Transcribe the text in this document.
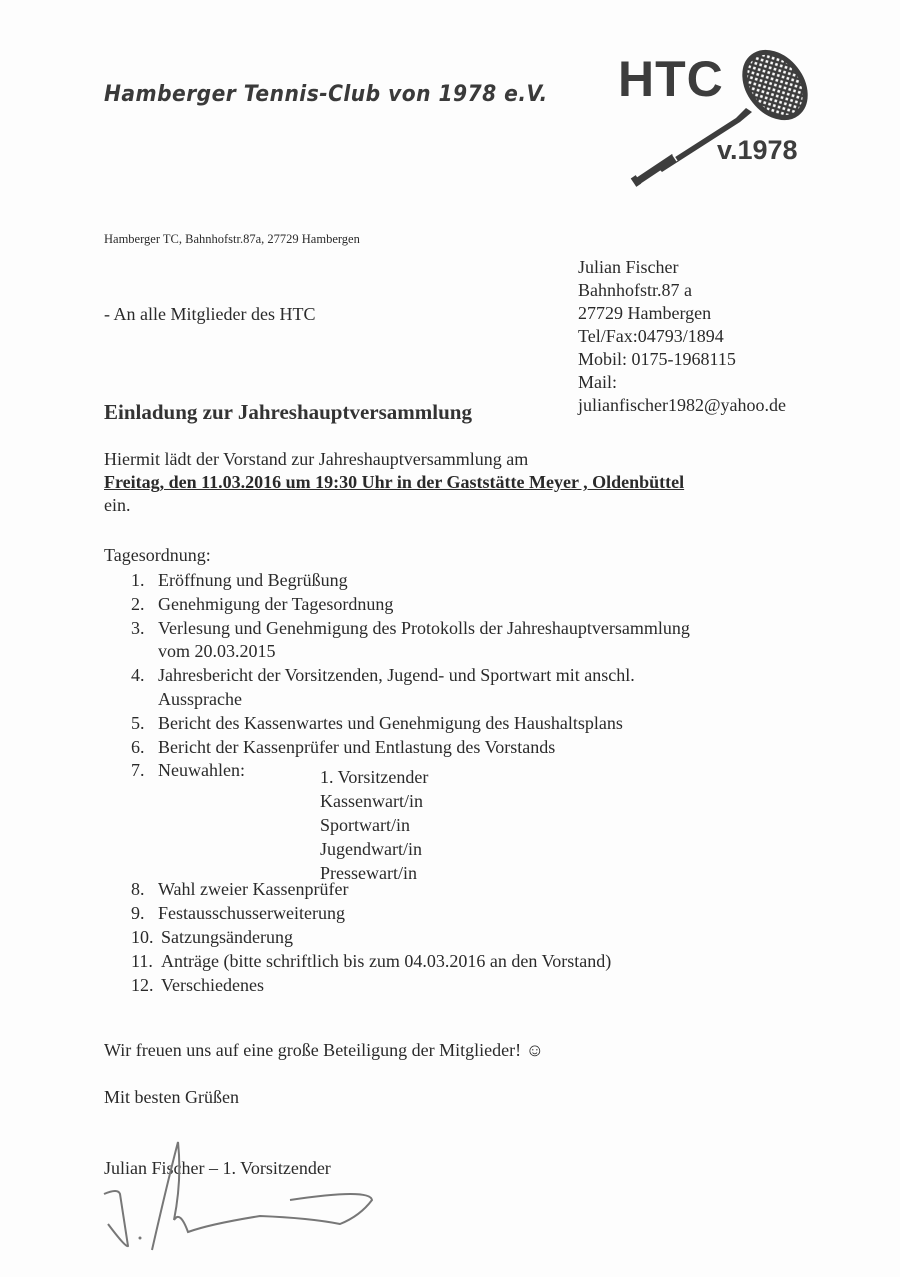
Hamberger Tennis-Club von 1978 e.V. HTC
v.1978
Hamberger TC, Bahnhofstr.87a, 27729 Hambergen
- An alle Mitglieder des HTC
Julian Fischer
Bahnhofstr.87 a
27729 Hambergen
Tel/Fax:04793/1894
Mobil: 0175-1968115
Mail:
julianfischer1982@yahoo.de
Einladung zur Jahreshauptversammlung
Hiermit lädt der Vorstand zur Jahreshauptversammlung am
Freitag, den 11.03.2016 um 19:30 Uhr in der Gaststätte Meyer , Oldenbüttel
ein.
Tagesordnung:
1. Eröffnung und Begrüßung
2. Genehmigung der Tagesordnung
3. Verlesung und Genehmigung des Protokolls der Jahreshauptversammlung
vom 20.03.2015
4. Jahresbericht der Vorsitzenden, Jugend- und Sportwart mit anschl.
Aussprache
5. Bericht des Kassenwartes und Genehmigung des Haushaltsplans
6. Bericht der Kassenprüfer und Entlastung des Vorstands
7. Neuwahlen:
8. Wahl zweier Kassenprüfer
9. Festausschusserweiterung
10. Satzungsänderung
11. Anträge (bitte schriftlich bis zum 04.03.2016 an den Vorstand)
12. Verschiedenes
1. Vorsitzender
Kassenwart/in
Sportwart/in
Jugendwart/in
Pressewart/in
Wir freuen uns auf eine große Beteiligung der Mitglieder! ☺
Mit besten Grüßen
Julian Fischer – 1. Vorsitzender
